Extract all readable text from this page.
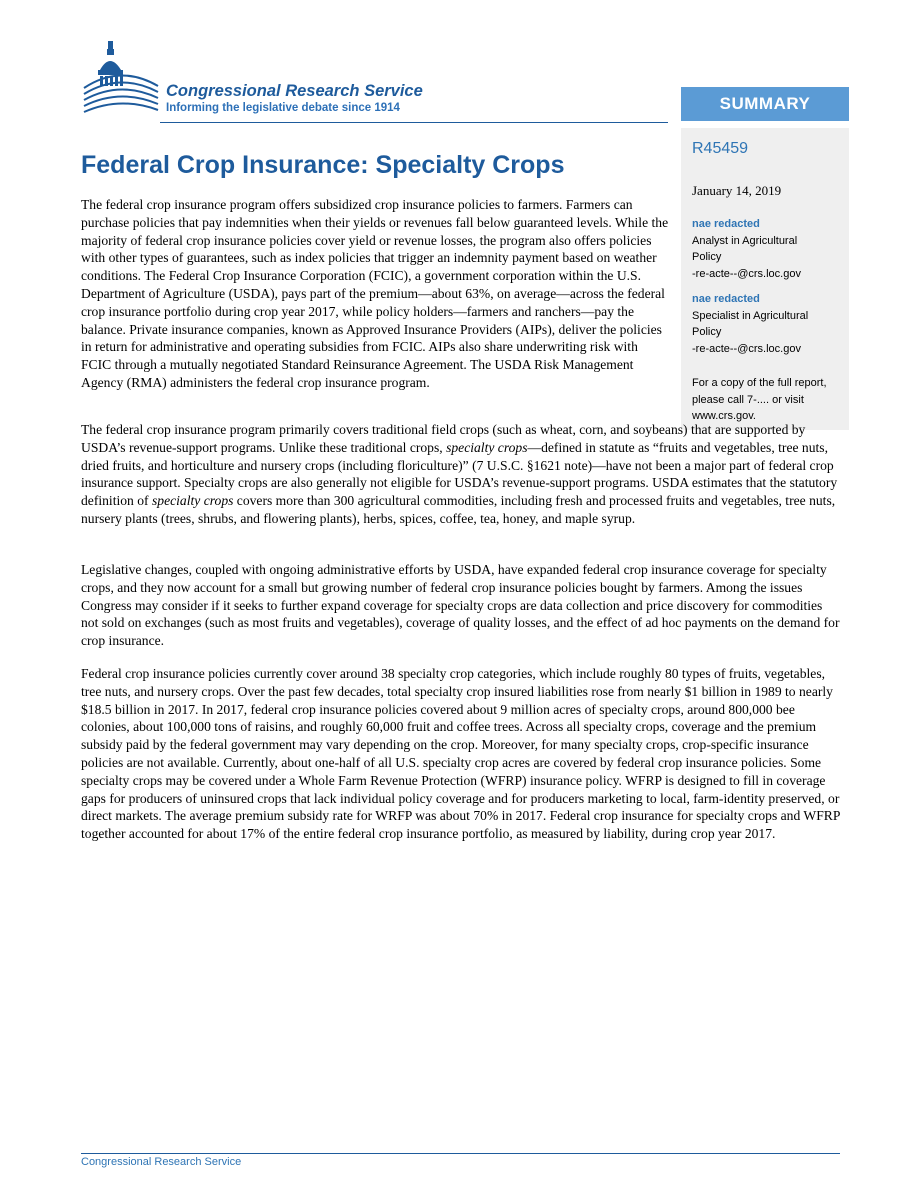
Congressional Research Service
Informing the legislative debate since 1914	SUMMARY
R45459
January 14, 2019
nae redacted
Analyst in Agricultural
Policy
-re-acte--@crs.loc.gov
nae redacted
Specialist in Agricultural
Policy
-re-acte--@crs.loc.gov
For a copy of the full report, please call 7-.... or visit www.crs.gov.
Federal Crop Insurance: Specialty Crops

The federal crop insurance program offers subsidized crop insurance policies to farmers. Farmers can purchase policies that pay indemnities when their yields or revenues fall below guaranteed levels. While the majority of federal crop insurance policies cover yield or revenue losses, the program also offers policies with other types of guarantees, such as index policies that trigger an indemnity payment based on weather conditions. The Federal Crop Insurance Corporation (FCIC), a government corporation within the U.S. Department of Agriculture (USDA), pays part of the premium—about 63%, on average—across the federal crop insurance portfolio during crop year 2017, while policy holders—farmers and ranchers—pay the balance. Private insurance companies, known as Approved Insurance Providers (AIPs), deliver the policies in return for administrative and operating subsidies from FCIC. AIPs also share underwriting risk with FCIC through a mutually negotiated Standard Reinsurance Agreement. The USDA Risk Management Agency (RMA) administers the federal crop insurance program.

The federal crop insurance program primarily covers traditional field crops (such as wheat, corn, and soybeans) that are supported by USDA’s revenue-support programs. Unlike these traditional crops, specialty crops—defined in statute as “fruits and vegetables, tree nuts, dried fruits, and horticulture and nursery crops (including floriculture)” (7 U.S.C. §1621 note)—have not been a major part of federal crop insurance support. Specialty crops are also generally not eligible for USDA’s revenue-support programs. USDA estimates that the statutory definition of specialty crops covers more than 300 agricultural commodities, including fresh and processed fruits and vegetables, tree nuts, nursery plants (trees, shrubs, and flowering plants), herbs, spices, coffee, tea, honey, and maple syrup.

Legislative changes, coupled with ongoing administrative efforts by USDA, have expanded federal crop insurance coverage for specialty crops, and they now account for a small but growing number of federal crop insurance policies bought by farmers. Among the issues Congress may consider if it seeks to further expand coverage for specialty crops are data collection and price discovery for commodities not sold on exchanges (such as most fruits and vegetables), coverage of quality losses, and the effect of ad hoc payments on the demand for crop insurance.

Federal crop insurance policies currently cover around 38 specialty crop categories, which include roughly 80 types of fruits, vegetables, tree nuts, and nursery crops. Over the past few decades, total specialty crop insured liabilities rose from nearly $1 billion in 1989 to nearly $18.5 billion in 2017. In 2017, federal crop insurance policies covered about 9 million acres of specialty crops, around 800,000 bee colonies, about 100,000 tons of raisins, and roughly 60,000 fruit and coffee trees. Across all specialty crops, coverage and the premium subsidy paid by the federal government may vary depending on the crop. Moreover, for many specialty crops, crop-specific insurance policies are not available. Currently, about one-half of all U.S. specialty crop acres are covered by federal crop insurance policies. Some specialty crops may be covered under a Whole Farm Revenue Protection (WFRP) insurance policy. WFRP is designed to fill in coverage gaps for producers of uninsured crops that lack individual policy coverage and for producers marketing to local, farm-identity preserved, or direct markets. The average premium subsidy rate for WRFP was about 70% in 2017. Federal crop insurance for specialty crops and WFRP together accounted for about 17% of the entire federal crop insurance portfolio, as measured by liability, during crop year 2017.

Congressional Research Service
